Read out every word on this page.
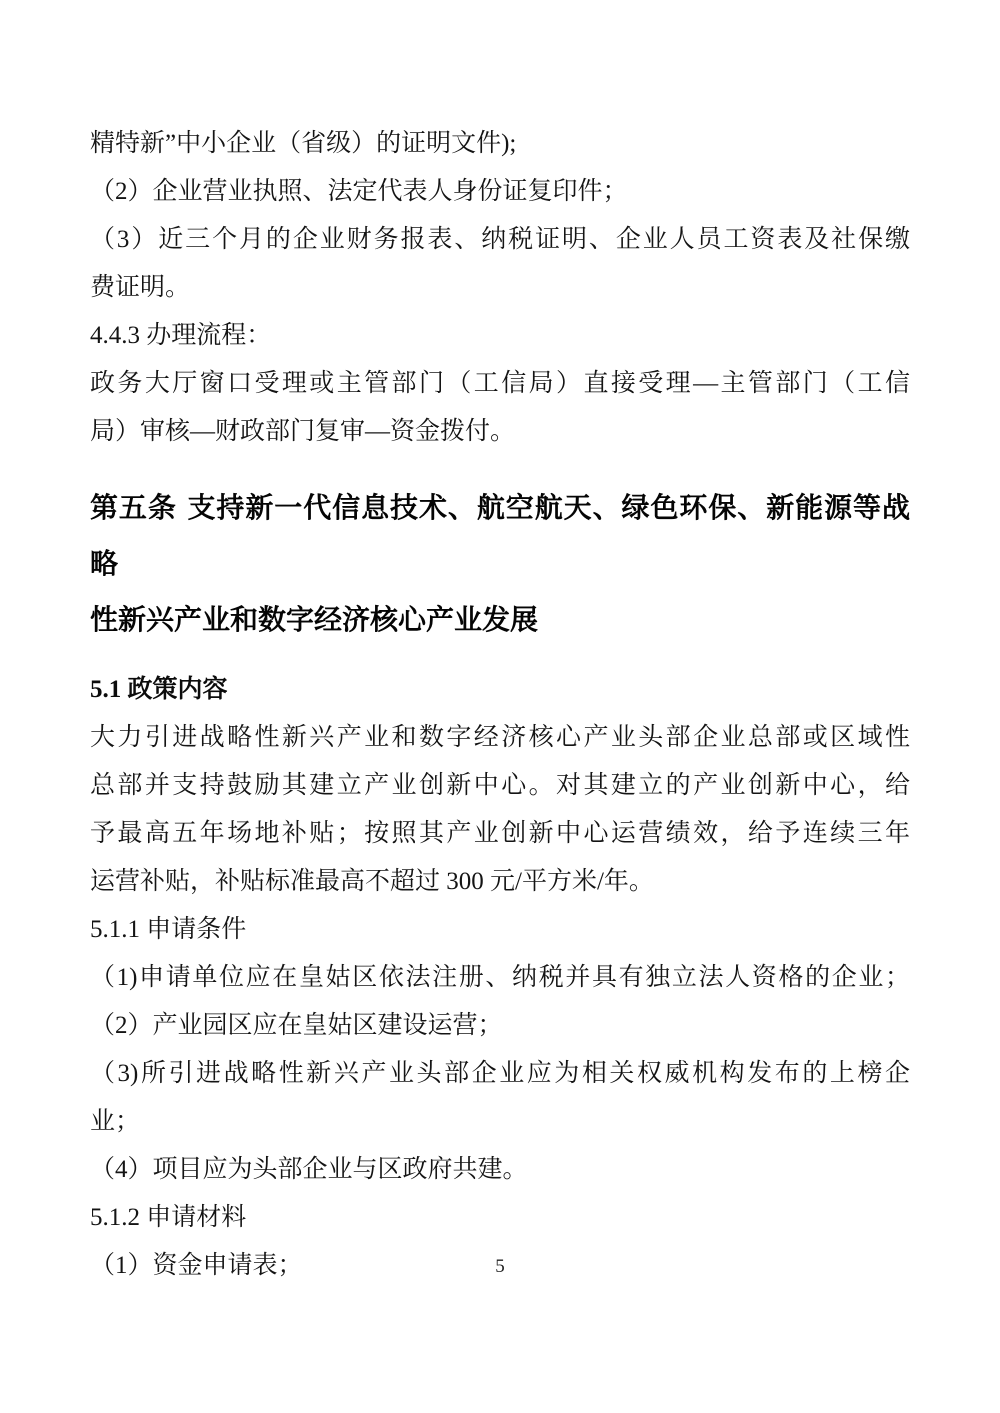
精特新”中小企业（省级）的证明文件);

（2）企业营业执照、法定代表人身份证复印件；

（3）近三个月的企业财务报表、纳税证明、企业人员工资表及社保缴

费证明。

4.4.3 办理流程：

政务大厅窗口受理或主管部门（工信局）直接受理—主管部门（工信

局）审核—财政部门复审—资金拨付。

第五条 支持新一代信息技术、航空航天、绿色环保、新能源等战略

性新兴产业和数字经济核心产业发展

5.1 政策内容

大力引进战略性新兴产业和数字经济核心产业头部企业总部或区域性

总部并支持鼓励其建立产业创新中心。对其建立的产业创新中心，给

予最高五年场地补贴；按照其产业创新中心运营绩效，给予连续三年

运营补贴，补贴标准最高不超过 300 元/平方米/年。

5.1.1 申请条件

（1)申请单位应在皇姑区依法注册、纳税并具有独立法人资格的企业；

（2）产业园区应在皇姑区建设运营；

（3)所引进战略性新兴产业头部企业应为相关权威机构发布的上榜企

业；

（4）项目应为头部企业与区政府共建。

5.1.2 申请材料

（1）资金申请表；	5
